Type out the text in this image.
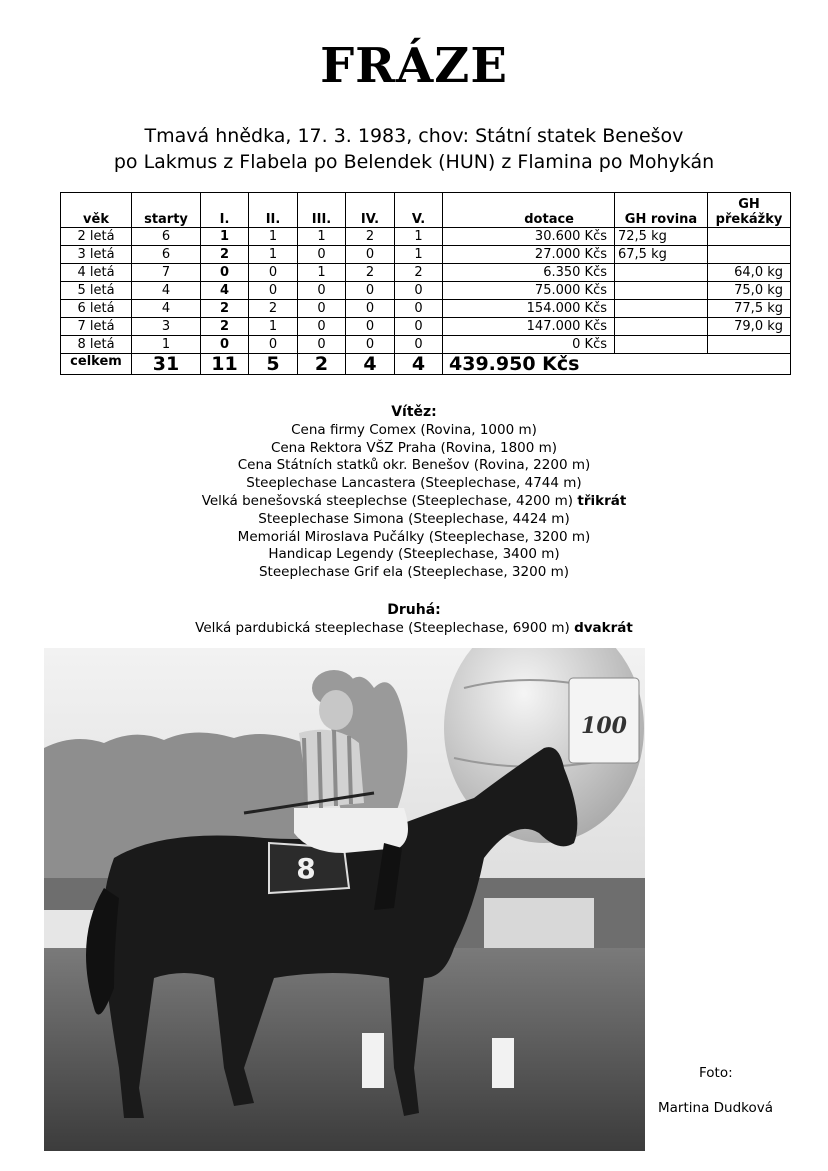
FRÁZE
Tmavá hnědka, 17. 3. 1983, chov: Státní statek Benešov
po Lakmus z Flabela po Belendek (HUN) z Flamina po Mohykán
věk	starty	I.	II.	III.	IV.	V.	dotace	GH rovina	GH překážky
2 letá	6	1	1	1	2	1	30.600 Kčs	72,5 kg	
3 letá	6	2	1	0	0	1	27.000 Kčs	67,5 kg	
4 letá	7	0	0	1	2	2	6.350 Kčs		64,0 kg
5 letá	4	4	0	0	0	0	75.000 Kčs		75,0 kg
6 letá	4	2	2	0	0	0	154.000 Kčs		77,5 kg
7 letá	3	2	1	0	0	0	147.000 Kčs		79,0 kg
8 letá	1	0	0	0	0	0	0 Kčs		
celkem	31	11	5	2	4	4	439.950 Kčs		
Vítěz:
Cena firmy Comex (Rovina, 1000 m)
Cena Rektora VŠZ Praha (Rovina, 1800 m)
Cena Státních statků okr. Benešov (Rovina, 2200 m)
Steeplechase Lancastera (Steeplechase, 4744 m)
Velká benešovská steeplechse (Steeplechase, 4200 m) třikrát
Steeplechase Simona (Steeplechase, 4424 m)
Memoriál Miroslava Pučálky (Steeplechase, 3200 m)
Handicap Legendy (Steeplechase, 3400 m)
Steeplechase Grif ela (Steeplechase, 3200 m)
Druhá:
Velká pardubická steeplechase (Steeplechase, 6900 m) dvakrát
100
8
Foto:
Martina Dudková
